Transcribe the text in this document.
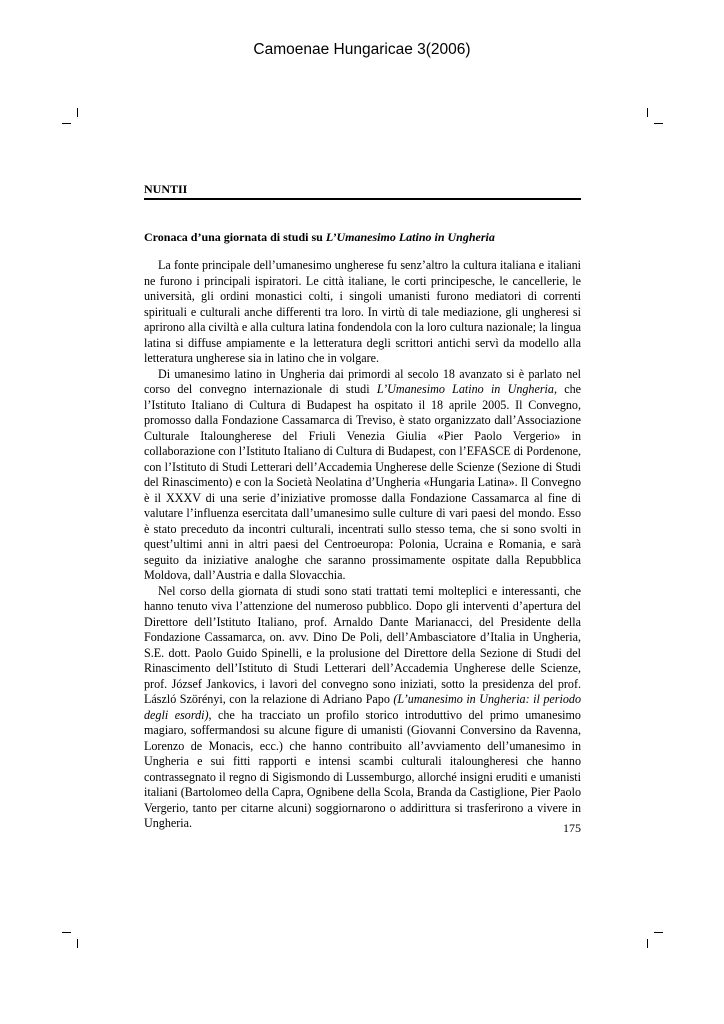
Camoenae Hungaricae 3(2006)
NUNTII
Cronaca d’una giornata di studi su L’Umanesimo Latino in Ungheria

La fonte principale dell’umanesimo ungherese fu senz’altro la cultura italiana e italiani ne furono i principali ispiratori. Le città italiane, le corti principesche, le cancellerie, le università, gli ordini monastici colti, i singoli umanisti furono mediatori di correnti spirituali e culturali anche differenti tra loro. In virtù di tale mediazione, gli ungheresi si aprirono alla civiltà e alla cultura latina fondendola con la loro cultura nazionale; la lingua latina si diffuse ampiamente e la letteratura degli scrittori antichi servì da modello alla letteratura ungherese sia in latino che in volgare.

Di umanesimo latino in Ungheria dai primordi al secolo 18 avanzato si è parlato nel corso del convegno internazionale di studi L’Umanesimo Latino in Ungheria, che l’Istituto Italiano di Cultura di Budapest ha ospitato il 18 aprile 2005. Il Convegno, promosso dalla Fondazione Cassamarca di Treviso, è stato organizzato dall’Associazione Culturale Italoungherese del Friuli Venezia Giulia «Pier Paolo Vergerio» in collaborazione con l’Istituto Italiano di Cultura di Budapest, con l’EFASCE di Pordenone, con l’Istituto di Studi Letterari dell’Accademia Ungherese delle Scienze (Sezione di Studi del Rinascimento) e con la Società Neolatina d’Ungheria «Hungaria Latina». Il Convegno è il XXXV di una serie d’iniziative promosse dalla Fondazione Cassamarca al fine di valutare l’influenza esercitata dall’umanesimo sulle culture di vari paesi del mondo. Esso è stato preceduto da incontri culturali, incentrati sullo stesso tema, che si sono svolti in quest’ultimi anni in altri paesi del Centroeuropa: Polonia, Ucraina e Romania, e sarà seguito da iniziative analoghe che saranno prossimamente ospitate dalla Repubblica Moldova, dall’Austria e dalla Slovacchia.

Nel corso della giornata di studi sono stati trattati temi molteplici e interessanti, che hanno tenuto viva l’attenzione del numeroso pubblico. Dopo gli interventi d’apertura del Direttore dell’Istituto Italiano, prof. Arnaldo Dante Marianacci, del Presidente della Fondazione Cassamarca, on. avv. Dino De Poli, dell’Ambasciatore d’Italia in Ungheria, S.E. dott. Paolo Guido Spinelli, e la prolusione del Direttore della Sezione di Studi del Rinascimento dell’Istituto di Studi Letterari dell’Accademia Ungherese delle Scienze, prof. József Jankovics, i lavori del convegno sono iniziati, sotto la presidenza del prof. László Szörényi, con la relazione di Adriano Papo (L’umanesimo in Ungheria: il periodo degli esordi), che ha tracciato un profilo storico introduttivo del primo umanesimo magiaro, soffermandosi su alcune figure di umanisti (Giovanni Conversino da Ravenna, Lorenzo de Monacis, ecc.) che hanno contribuito all’avviamento dell’umanesimo in Ungheria e sui fitti rapporti e intensi scambi culturali italoungheresi che hanno contrassegnato il regno di Sigismondo di Lussemburgo, allorché insigni eruditi e umanisti italiani (Bartolomeo della Capra, Ognibene della Scola, Branda da Castiglione, Pier Paolo Vergerio, tanto per citarne alcuni) soggiornarono o addirittura si trasferirono a vivere in Ungheria.	175
